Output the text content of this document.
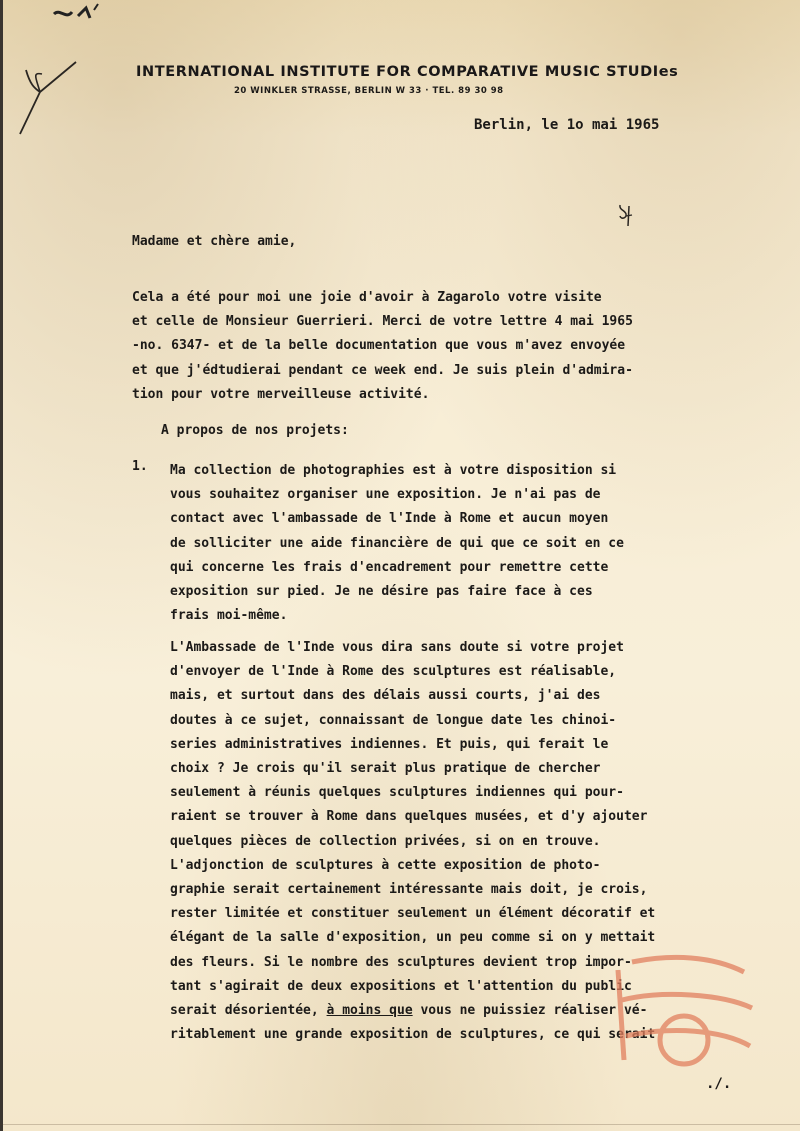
INTERNATIONAL INSTITUTE FOR COMPARATIVE MUSIC STUDIes
20 WINKLER STRASSE, BERLIN W 33 · TEL. 89 30 98
Berlin, le 1o mai 1965
Madame et chère amie,
Cela a été pour moi une joie d'avoir à Zagarolo votre visite
et celle de Monsieur Guerrieri. Merci de votre lettre 4 mai 1965
-no. 6347- et de la belle documentation que vous m'avez envoyée
et que j'édtudierai pendant ce week end. Je suis plein d'admira-
tion pour votre merveilleuse activité.
A propos de nos projets:
1. Ma collection de photographies est à votre disposition si
vous souhaitez organiser une exposition. Je n'ai pas de
contact avec l'ambassade de l'Inde à Rome et aucun moyen
de solliciter une aide financière de qui que ce soit en ce
qui concerne les frais d'encadrement pour remettre cette
exposition sur pied. Je ne désire pas faire face à ces
frais moi-même.
L'Ambassade de l'Inde vous dira sans doute si votre projet
d'envoyer de l'Inde à Rome des sculptures est réalisable,
mais, et surtout dans des délais aussi courts, j'ai des
doutes à ce sujet, connaissant de longue date les chinoi-
series administratives indiennes. Et puis, qui ferait le
choix ? Je crois qu'il serait plus pratique de chercher
seulement à réunis quelques sculptures indiennes qui pour-
raient se trouver à Rome dans quelques musées, et d'y ajouter
quelques pièces de collection privées, si on en trouve.
L'adjonction de sculptures à cette exposition de photo-
graphie serait certainement intéressante mais doit, je crois,
rester limitée et constituer seulement un élément décoratif et
élégant de la salle d'exposition, un peu comme si on y mettait
des fleurs. Si le nombre des sculptures devient trop impor-
tant s'agirait de deux expositions et l'attention du public
serait désorientée, à moins que vous ne puissiez réaliser vé-
ritablement une grande exposition de sculptures, ce qui serait
./.
